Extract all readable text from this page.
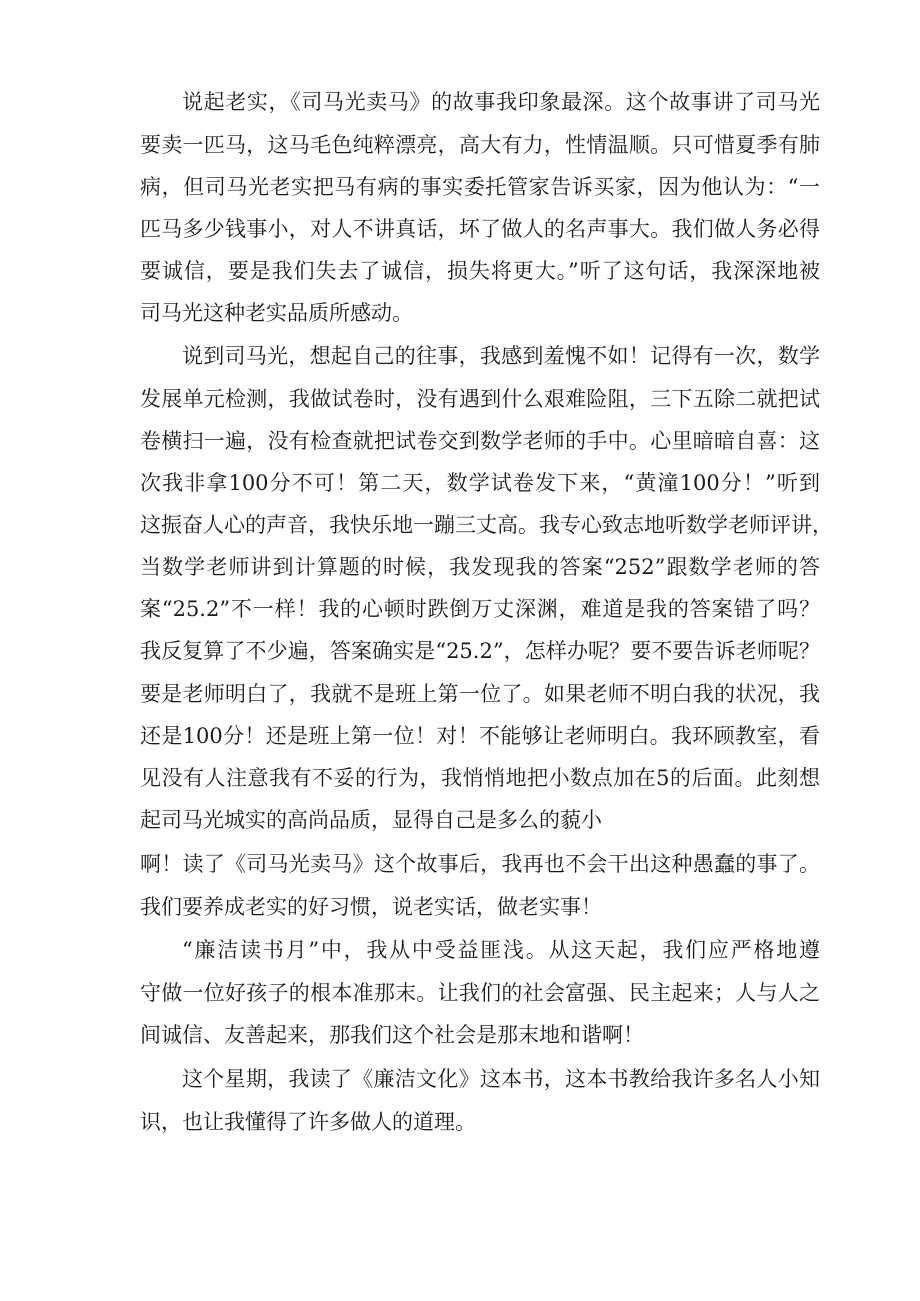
说起老实，《司马光卖马》的故事我印象最深。这个故事讲了司马光
要卖一匹马，这马毛色纯粹漂亮，高大有力，性情温顺。只可惜夏季有肺
病，但司马光老实把马有病的事实委托管家告诉买家，因为他认为：“一
匹马多少钱事小，对人不讲真话，坏了做人的名声事大。我们做人务必得
要诚信，要是我们失去了诚信，损失将更大。”听了这句话，我深深地被
司马光这种老实品质所感动。
说到司马光，想起自己的往事，我感到羞愧不如！记得有一次，数学
发展单元检测，我做试卷时，没有遇到什么艰难险阻，三下五除二就把试
卷横扫一遍，没有检查就把试卷交到数学老师的手中。心里暗暗自喜：这
次我非拿100分不可！第二天，数学试卷发下来，“黄潼100分！”听到
这振奋人心的声音，我快乐地一蹦三丈高。我专心致志地听数学老师评讲，
当数学老师讲到计算题的时候，我发现我的答案“252”跟数学老师的答
案“25.2”不一样！我的心顿时跌倒万丈深渊，难道是我的答案错了吗？
我反复算了不少遍，答案确实是“25.2”，怎样办呢？要不要告诉老师呢？
要是老师明白了，我就不是班上第一位了。如果老师不明白我的状况，我
还是100分！还是班上第一位！对！不能够让老师明白。我环顾教室，看
见没有人注意我有不妥的行为，我悄悄地把小数点加在5的后面。此刻想
起司马光城实的高尚品质，显得自己是多么的藐小
啊！读了《司马光卖马》这个故事后，我再也不会干出这种愚蠢的事了。
我们要养成老实的好习惯，说老实话，做老实事！
“廉洁读书月”中，我从中受益匪浅。从这天起，我们应严格地遵
守做一位好孩子的根本准那末。让我们的社会富强、民主起来；人与人之
间诚信、友善起来，那我们这个社会是那末地和谐啊！
这个星期，我读了《廉洁文化》这本书，这本书教给我许多名人小知
识，也让我懂得了许多做人的道理。
